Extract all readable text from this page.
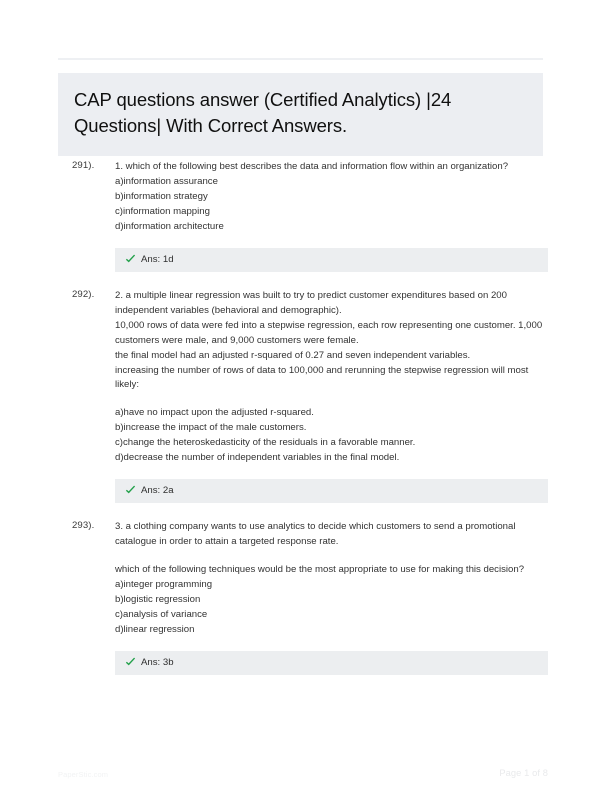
CAP questions answer (Certified Analytics) |24 Questions| With Correct Answers.
291).	1. which of the following best describes the data and information flow within an organization?

a)information assurance

b)information strategy

c)information mapping

d)information architecture

Ans: 1d
292).	2. a multiple linear regression was built to try to predict customer expenditures based on 200 independent variables (behavioral and demographic).

10,000 rows of data were fed into a stepwise regression, each row representing one customer. 1,000 customers were male, and 9,000 customers were female.

the final model had an adjusted r-squared of 0.27 and seven independent variables.

increasing the number of rows of data to 100,000 and rerunning the stepwise regression will most likely:

a)have no impact upon the adjusted r-squared.

b)increase the impact of the male customers.

c)change the heteroskedasticity of the residuals in a favorable manner.

d)decrease the number of independent variables in the final model.

Ans: 2a
293).	3. a clothing company wants to use analytics to decide which customers to send a promotional catalogue in order to attain a targeted response rate.

which of the following techniques would be the most appropriate to use for making this decision?

a)integer programming

b)logistic regression

c)analysis of variance

d)linear regression

Ans: 3b
PaperStic.com	Page 1 of 8
